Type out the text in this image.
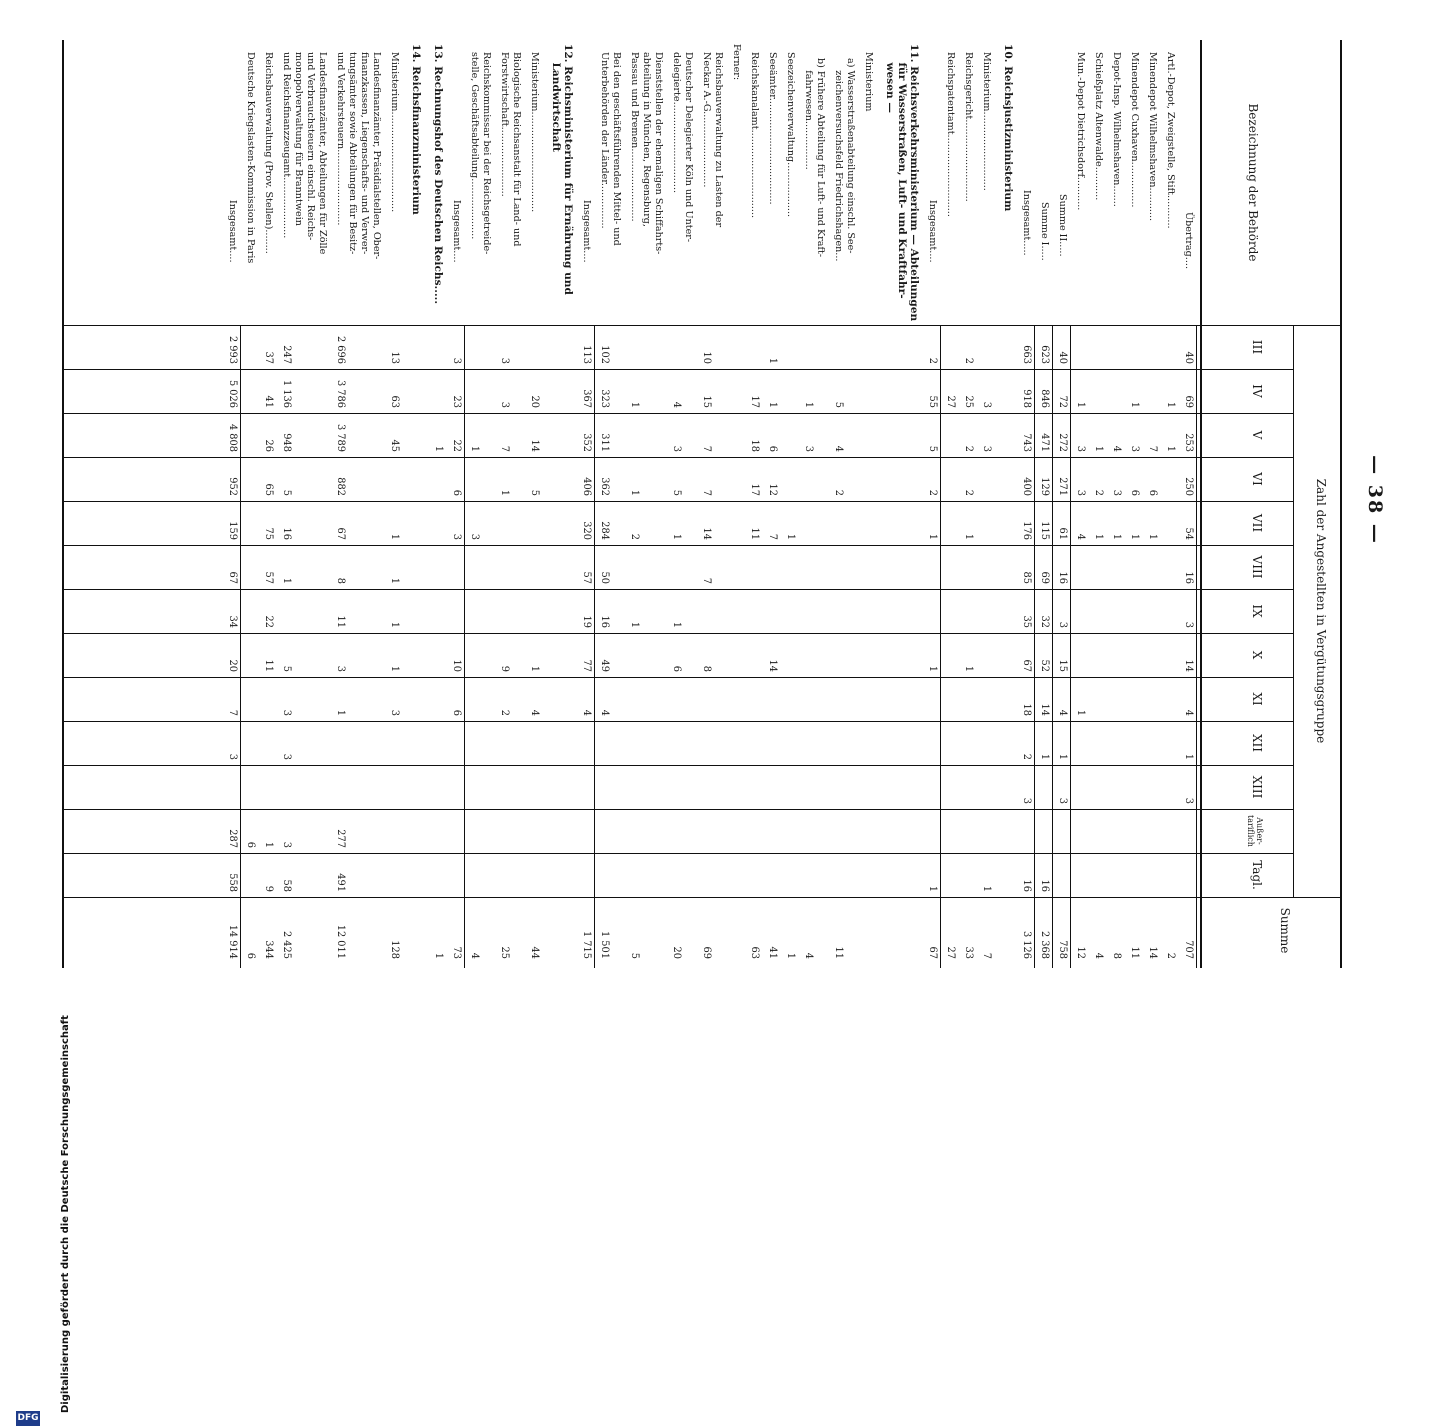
— 38 —
Bezeichnung der Behörde
Zahl der Angestellten in Vergütungsgruppe
III
IV
V
VI
VII
VIII
IX
X
XI
XII
XIII
Außer-
tariflich
Tagl.
Summe
Übertrag....
40
69
253
250
54
16
3
14
4
1
3
707
Artl.-Depot, Zweigstelle, Stift...........
1
1
2
Minendepot Wilhelmshaven...........
7
6
1
14
Minendepot Cuxhaven...............
1
3
6
1
11
Depot-Insp. Wilhelmshaven.......
4
3
1
8
Schießplatz Altenwalde...........
1
2
1
4
Mun.-Depot Dietrichsdorf...........
1
3
3
4
1
12
Summe II.....
40
72
272
271
61
16
3
15
4
1
3
758
Summe I.....
623
846
471
129
115
69
32
52
14
1
16
2 368
Insgesamt.....
663
918
743
400
176
85
35
67
18
2
3
16
3 126
10. Reichsjustizministerium
Ministerium..........................
3
3
1
7
Reichsgericht...........................
2
25
2
2
1
1
33
Reichspatentamt...........................
27
27
Insgesamt....
2
55
5
2
1
1
1
67
11. Reichsverkehrsministerium — Abteilungen
für Wasserstraßen, Luft- und Kraftfahr-
wesen —
Ministerium
a) Wasserstraßenabteilung einschl. See-
zeichenversuchsfeld Friedrichshagen...
5
4
2
11
b) Frühere Abteilung für Luft- und Kraft-
fahrwesen................
1
3
4
Seezeichenverwaltung..................
1
1
Seeämter...................................
1
1
6
12
7
14
41
Reichskanalamt.............................
17
18
17
11
63
Ferner:
Reichsbauverwaltung zu Lasten der
Neckar A.-G.........................
10
15
7
7
14
7
8
69
Deutscher Delegierter Köln und Unter-
delegierte..............................
4
3
5
1
1
6
20
Dienststellen der ehemaligen Schiffahrts-
abteilung in München, Regensburg,
Passau und Bremen........................
1
1
2
1
5
Bei den geschäftsführenden Mittel- und
Unterbehörden der Länder...............
102
323
311
362
284
50
16
49
4
1 501
Insgesamt....
113
367
352
406
320
57
19
77
4
1 715
12. Reichsministerium für Ernährung und
Landwirtschaft
Ministerium.................................
20
14
5
1
4
44
Biologische Reichsanstalt für Land- und
Forstwirtschaft.......................
3
3
7
1
9
2
25
Reichskommissar bei der Reichsgetreide-
stelle, Geschäftsabteilung....................
1
3
4
Insgesamt....
3
23
22
6
3
10
6
73
13. Rechnungshof des Deutschen Reichs.....
1
1
14. Reichsfinanzministerium
Ministerium.................................
13
63
45
1
1
1
1
3
128
Landesfinanzämter, Präsidialstellen, Ober-
finanzkassen, Liegenschafts- und Verwer-
tungsämter sowie Abteilungen für Besitz-
und Verkehrsteuern.........................
2 696
3 786
3 789
882
67
8
11
3
1
277
491
12 011
Landesfinanzämter, Abteilungen für Zölle
und Verbrauchsteuern einschl. Reichs-
monopolverwaltung für Branntwein
und Reichsfinanzzeugamt....................
247
1 136
948
5
16
1
5
3
3
3
58
2 425
Reichsbauverwaltung (Prov. Stellen)........
37
41
26
65
75
57
22
11
1
9
344
Deutsche Kriegslasten-Kommission in Paris
6
6
Insgesamt....
2 993
5 026
4 808
952
159
67
34
20
7
3
287
558
14 914
DFG
Digitalisierung gefördert durch die Deutsche Forschungsgemeinschaft
